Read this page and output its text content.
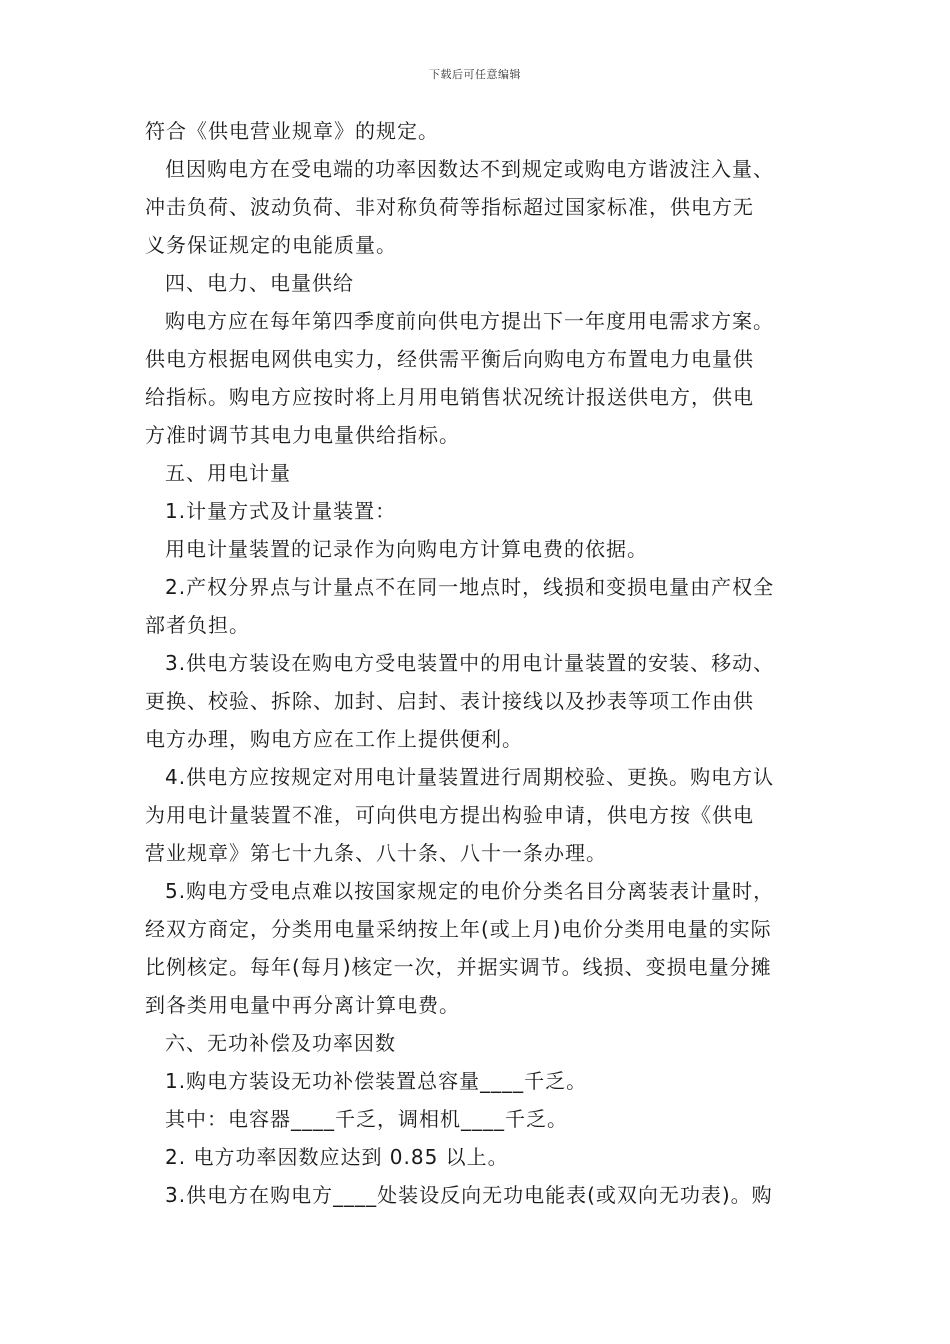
下载后可任意编辑
符合《供电营业规章》的规定。
但因购电方在受电端的功率因数达不到规定或购电方谐波注入量、
冲击负荷、波动负荷、非对称负荷等指标超过国家标准，供电方无
义务保证规定的电能质量。
四、电力、电量供给
购电方应在每年第四季度前向供电方提出下一年度用电需求方案。
供电方根据电网供电实力，经供需平衡后向购电方布置电力电量供
给指标。购电方应按时将上月用电销售状况统计报送供电方，供电
方准时调节其电力电量供给指标。
五、用电计量
1.计量方式及计量装置：
用电计量装置的记录作为向购电方计算电费的依据。
2.产权分界点与计量点不在同一地点时，线损和变损电量由产权全
部者负担。
3.供电方装设在购电方受电装置中的用电计量装置的安装、移动、
更换、校验、拆除、加封、启封、表计接线以及抄表等项工作由供
电方办理，购电方应在工作上提供便利。
4.供电方应按规定对用电计量装置进行周期校验、更换。购电方认
为用电计量装置不准，可向供电方提出构验申请，供电方按《供电
营业规章》第七十九条、八十条、八十一条办理。
5.购电方受电点难以按国家规定的电价分类名目分离装表计量时，
经双方商定，分类用电量采纳按上年(或上月)电价分类用电量的实际
比例核定。每年(每月)核定一次，并据实调节。线损、变损电量分摊
到各类用电量中再分离计算电费。
六、无功补偿及功率因数
1.购电方装设无功补偿装置总容量____千乏。
其中：电容器____千乏，调相机____千乏。
2. 电方功率因数应达到 0.85 以上。
3.供电方在购电方____处装设反向无功电能表(或双向无功表)。购
